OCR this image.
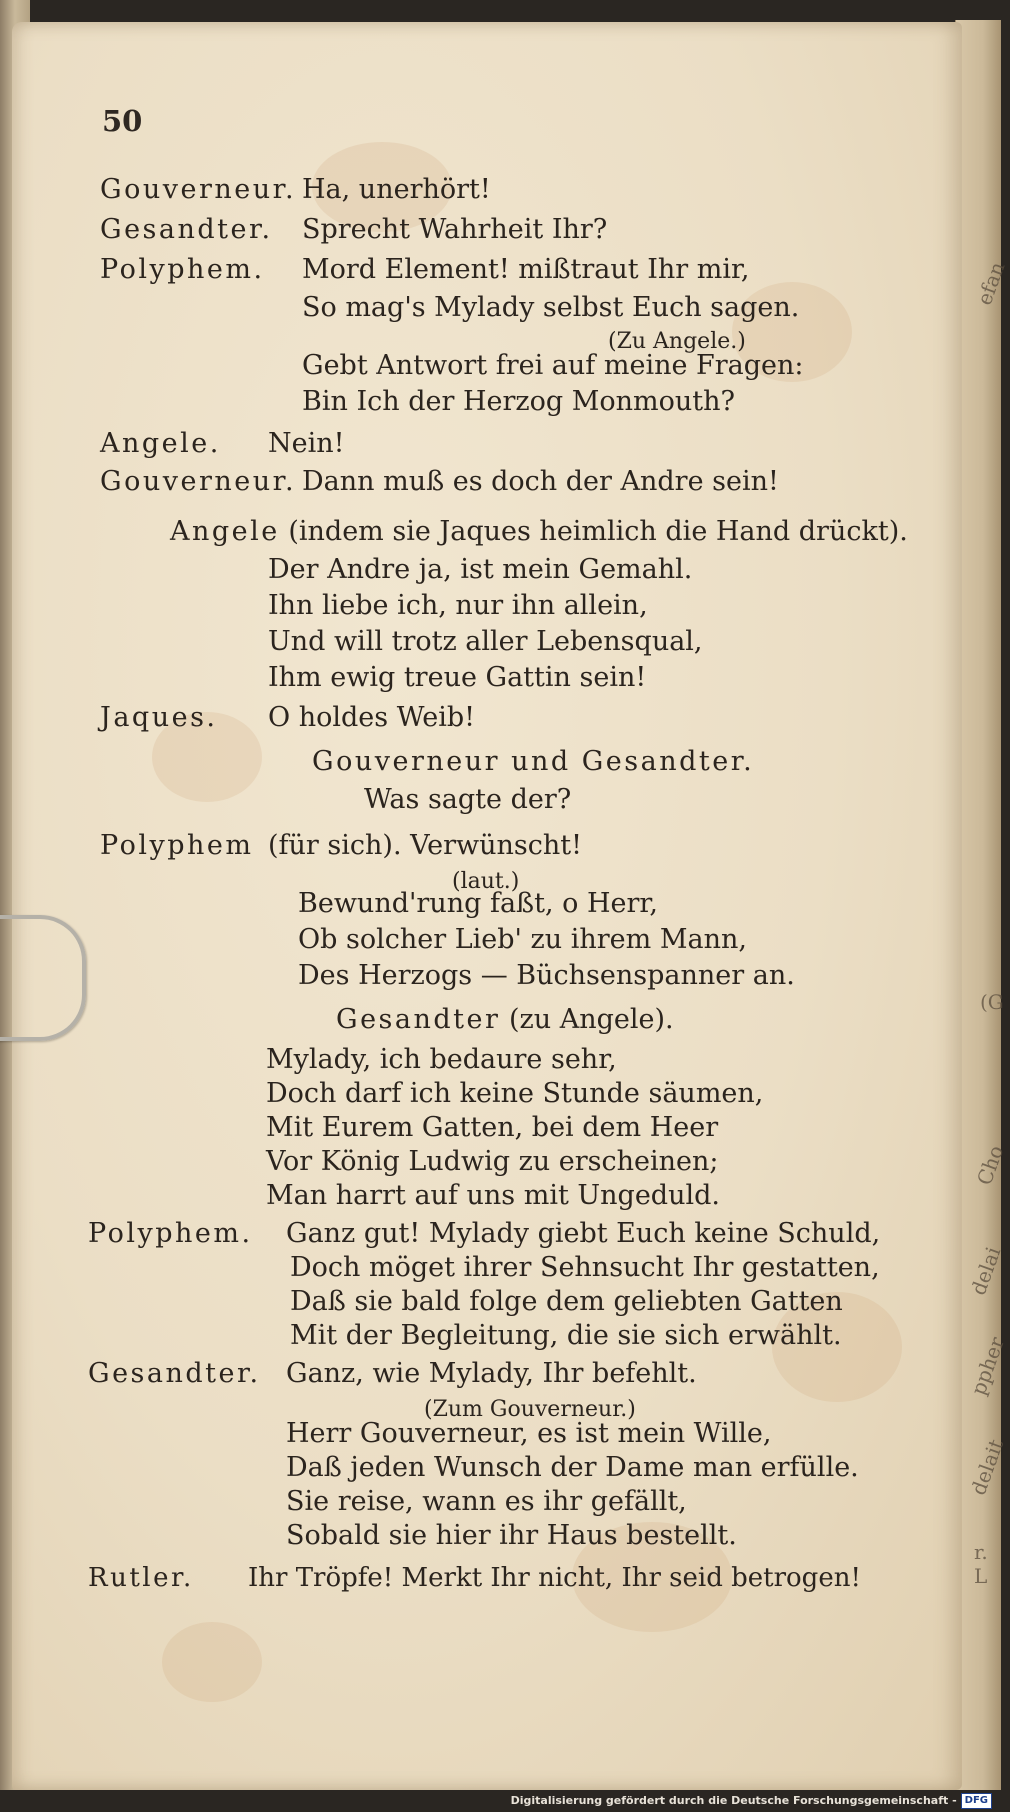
50
Gouverneur. Ha, unerhört!
Gesandter. Sprecht Wahrheit Ihr?
Polyphem. Mord Element! mißtraut Ihr mir,
So mag's Mylady selbst Euch sagen.
(Zu Angele.)
Gebt Antwort frei auf meine Fragen:
Bin Ich der Herzog Monmouth?
Angele. Nein!
Gouverneur. Dann muß es doch der Andre sein!
Angele (indem sie Jaques heimlich die Hand drückt).
Der Andre ja, ist mein Gemahl.
Ihn liebe ich, nur ihn allein,
Und will trotz aller Lebensqual,
Ihm ewig treue Gattin sein!
Jaques. O holdes Weib!
Gouverneur und Gesandter.
Was sagte der?
Polyphem (für sich). Verwünscht!
(laut.)
Bewund'rung faßt, o Herr,
Ob solcher Lieb' zu ihrem Mann,
Des Herzogs — Büchsenspanner an.
Gesandter (zu Angele).
Mylady, ich bedaure sehr,
Doch darf ich keine Stunde säumen,
Mit Eurem Gatten, bei dem Heer
Vor König Ludwig zu erscheinen;
Man harrt auf uns mit Ungeduld.
Polyphem. Ganz gut! Mylady giebt Euch keine Schuld,
Doch möget ihrer Sehnsucht Ihr gestatten,
Daß sie bald folge dem geliebten Gatten
Mit der Begleitung, die sie sich erwählt.
Gesandter. Ganz, wie Mylady, Ihr befehlt.
(Zum Gouverneur.)
Herr Gouverneur, es ist mein Wille,
Daß jeden Wunsch der Dame man erfülle.
Sie reise, wann es ihr gefällt,
Sobald sie hier ihr Haus bestellt.
Rutler. Ihr Tröpfe! Merkt Ihr nicht, Ihr seid betrogen!
efan
(G
delai
Cho
ppher
delait
r. L
Digitalisierung gefördert durch die Deutsche Forschungsgemeinschaft - DFG
